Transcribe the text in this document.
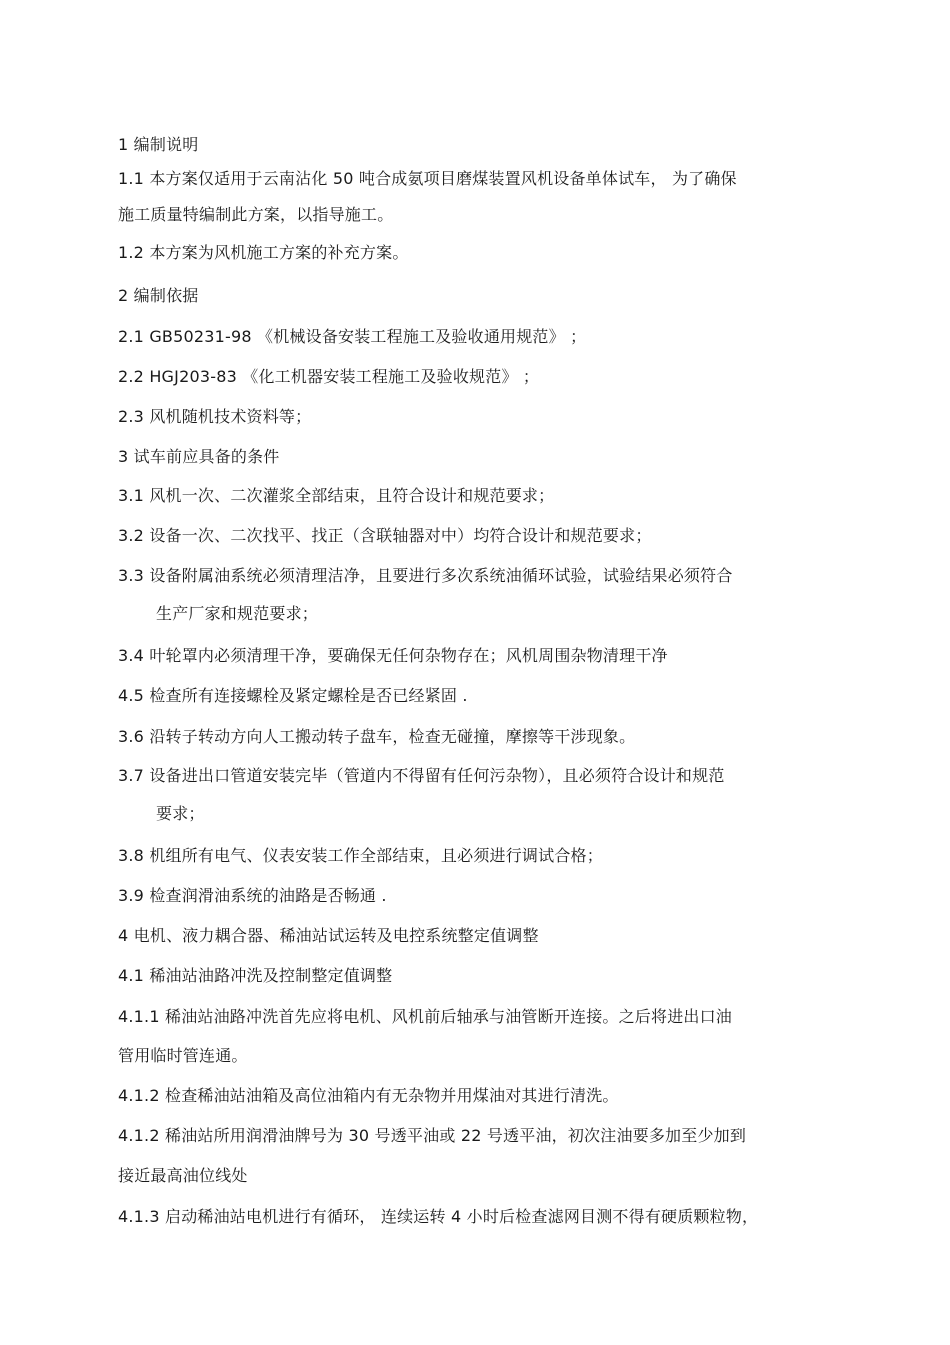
1 编制说明
1.1 本方案仅适用于云南沾化 50 吨合成氨项目磨煤装置风机设备单体试车， 为了确保
施工质量特编制此方案，以指导施工。
1.2 本方案为风机施工方案的补充方案。
2 编制依据
2.1 GB50231-98 《机械设备安装工程施工及验收通用规范》 ；
2.2 HGJ203-83 《化工机器安装工程施工及验收规范》 ；
2.3 风机随机技术资料等；
3 试车前应具备的条件
3.1 风机一次、二次灌浆全部结束，且符合设计和规范要求；
3.2 设备一次、二次找平、找正（含联轴器对中）均符合设计和规范要求；
3.3 设备附属油系统必须清理洁净，且要进行多次系统油循环试验，试验结果必须符合
生产厂家和规范要求；
3.4 叶轮罩内必须清理干净，要确保无任何杂物存在；风机周围杂物清理干净
4.5 检查所有连接螺栓及紧定螺栓是否已经紧固 .
3.6 沿转子转动方向人工搬动转子盘车，检查无碰撞，摩擦等干涉现象。
3.7 设备进出口管道安装完毕（管道内不得留有任何污杂物），且必须符合设计和规范
要求；
3.8 机组所有电气、仪表安装工作全部结束，且必须进行调试合格；
3.9 检查润滑油系统的油路是否畅通 .
4 电机、液力耦合器、稀油站试运转及电控系统整定值调整
4.1 稀油站油路冲洗及控制整定值调整
4.1.1 稀油站油路冲洗首先应将电机、风机前后轴承与油管断开连接。之后将进出口油
管用临时管连通。
4.1.2 检查稀油站油箱及高位油箱内有无杂物并用煤油对其进行清洗。
4.1.2 稀油站所用润滑油牌号为 30 号透平油或 22 号透平油，初次注油要多加至少加到
接近最高油位线处
4.1.3 启动稀油站电机进行有循环， 连续运转 4 小时后检查滤网目测不得有硬质颗粒物，
